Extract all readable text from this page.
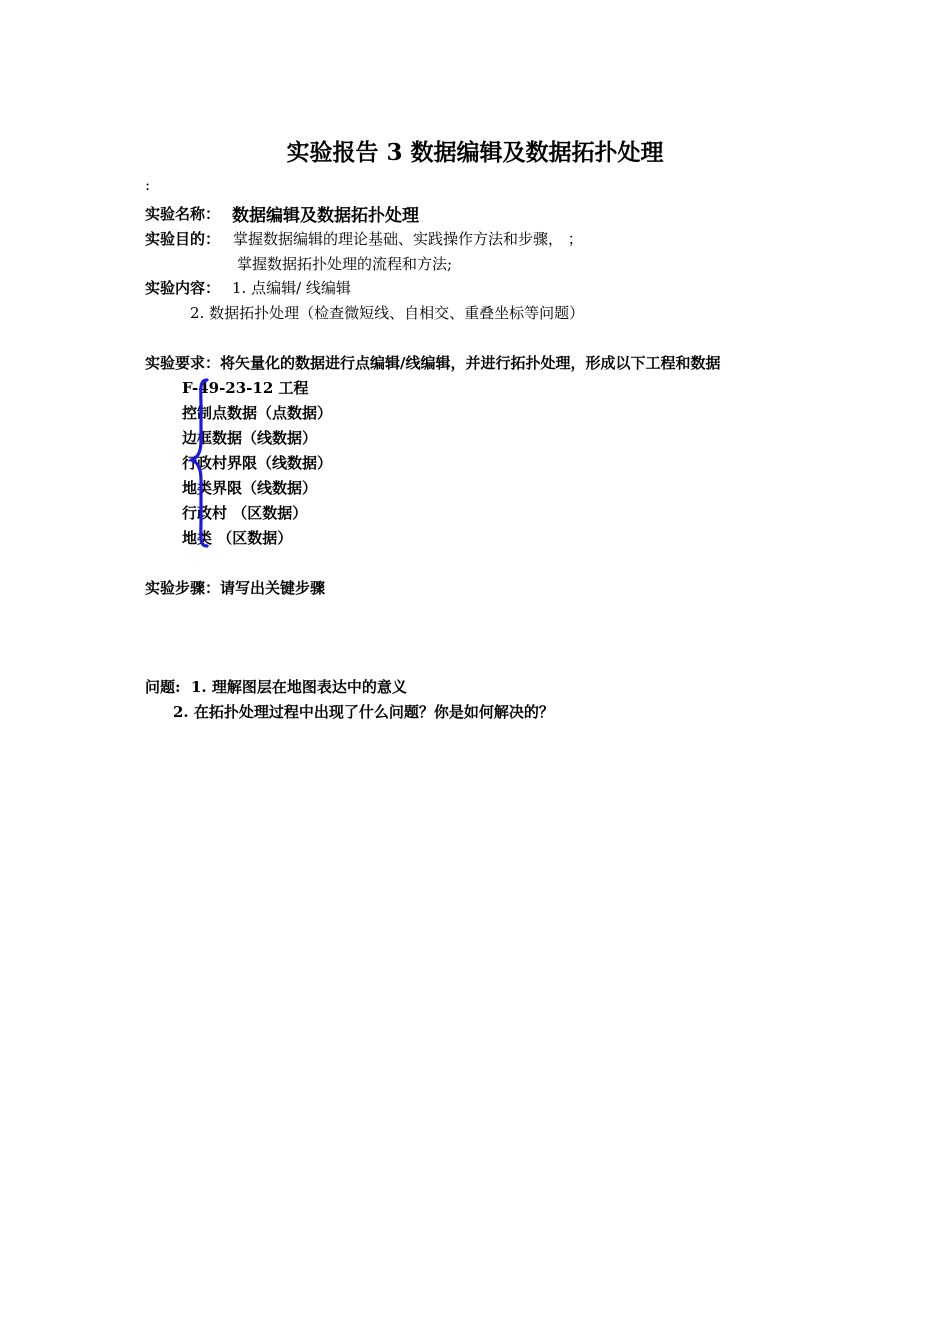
实验报告 3 数据编辑及数据拓扑处理
:
实验名称： 数据编辑及数据拓扑处理
实验目的： 掌握数据编辑的理论基础、实践操作方法和步骤， ；
掌握数据拓扑处理的流程和方法;
实验内容： 1. 点编辑/ 线编辑
2. 数据拓扑处理（检查微短线、自相交、重叠坐标等问题）
实验要求：将矢量化的数据进行点编辑/线编辑，并进行拓扑处理，形成以下工程和数据
F-49-23-12 工程
控制点数据（点数据）
边框数据（线数据）
行政村界限（线数据）
地类界限（线数据）
行政村 （区数据）
地类 （区数据）
实验步骤：请写出关键步骤
问题: 1. 理解图层在地图表达中的意义
2. 在拓扑处理过程中出现了什么问题？你是如何解决的？
